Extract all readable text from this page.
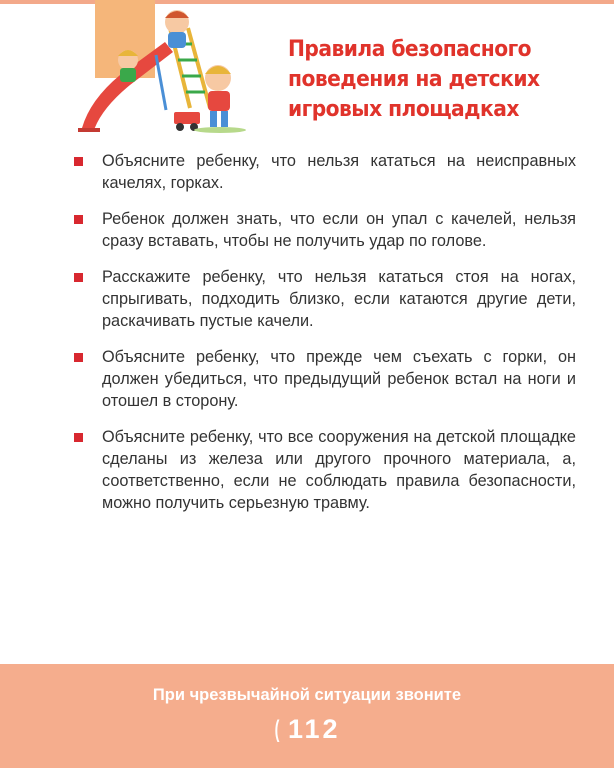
Правила безопасного
поведения на детских
игровых площадках
Объясните ребенку, что нельзя кататься на неисправных качелях, горках.
Ребенок должен знать, что если он упал с качелей, нельзя сразу вставать, чтобы не получить удар по голове.
Расскажите ребенку, что нельзя кататься стоя на ногах, спрыгивать, подходить близко, если катаются другие дети, раскачивать пустые качели.
Объясните ребенку, что прежде чем съехать с горки, он должен убедиться, что предыдущий ребенок встал на ноги и отошел в сторону.
Объясните ребенку, что все сооружения на детской площадке сделаны из железа или другого прочного материала, а, соответственно, если не соблюдать правила безопасности, можно получить серьезную травму.
При чрезвычайной ситуации звоните
( 112
